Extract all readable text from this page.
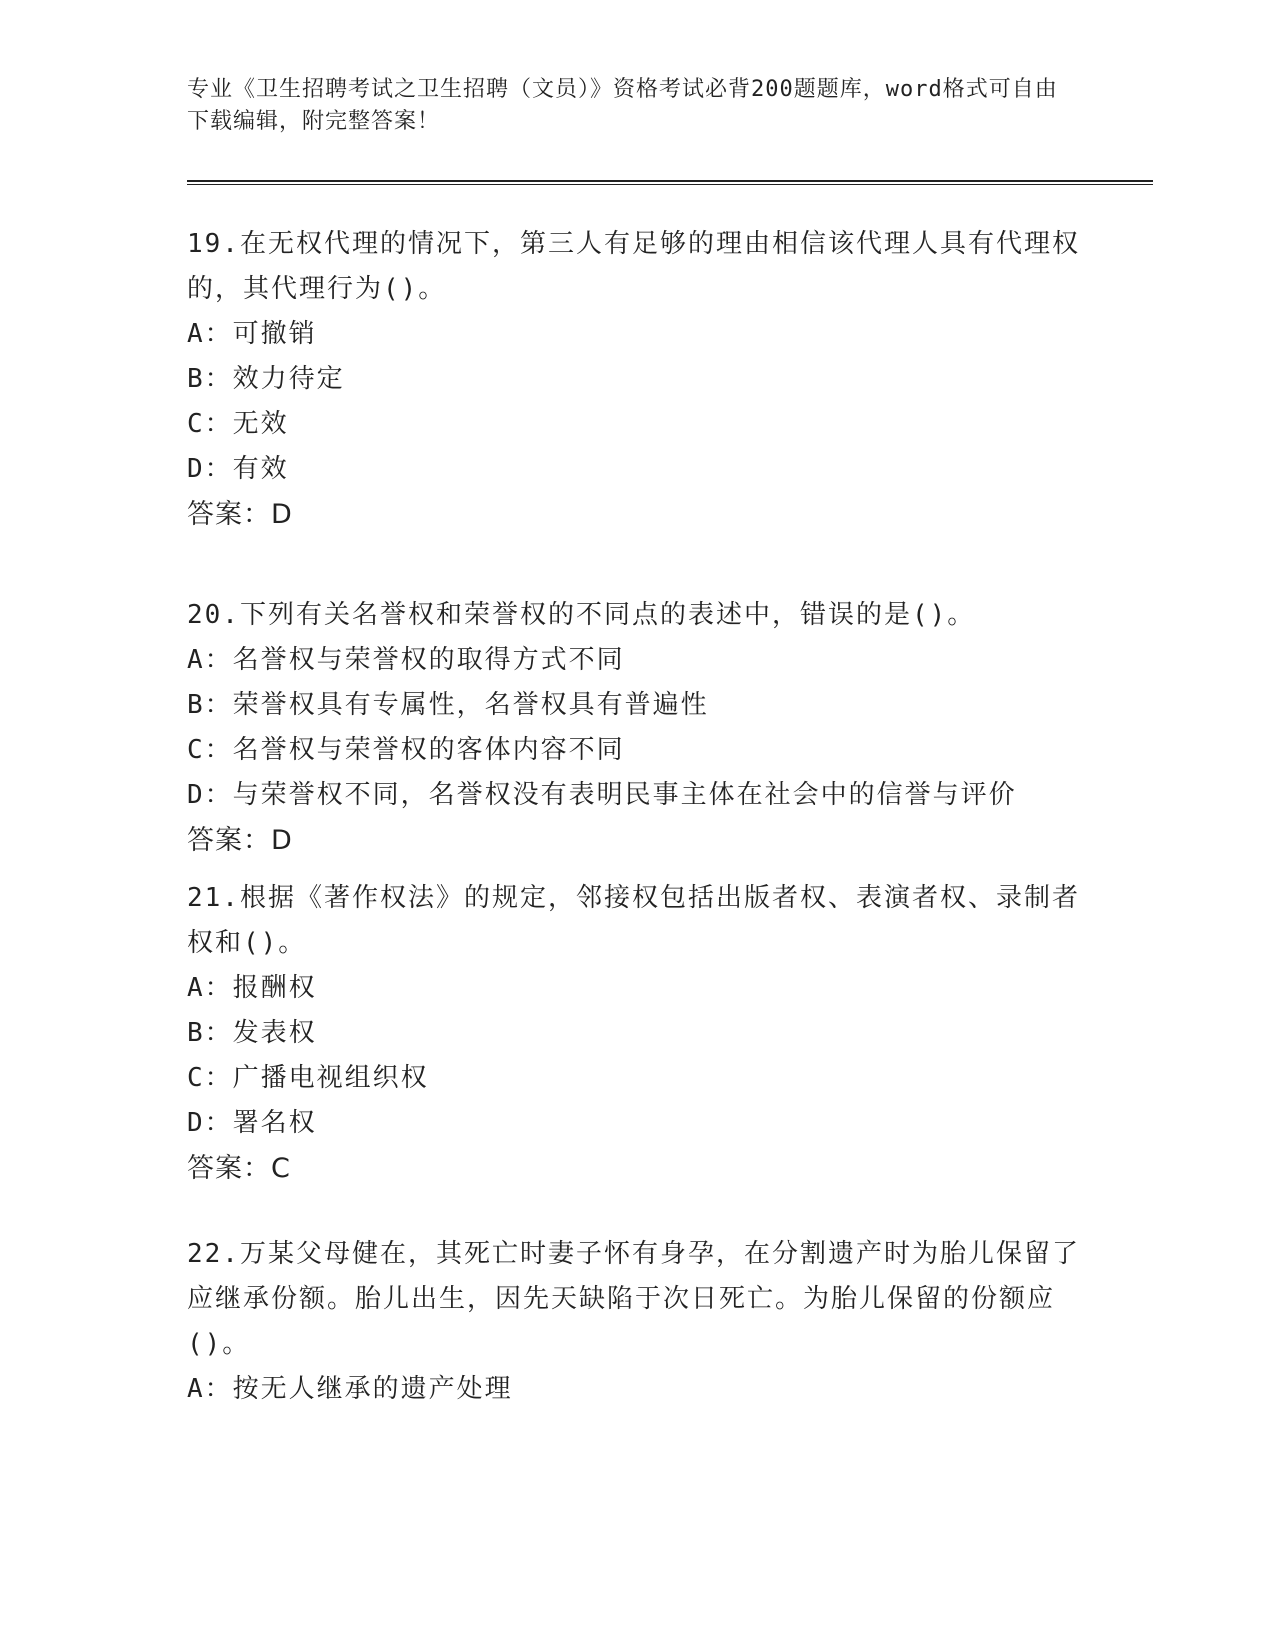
专业《卫生招聘考试之卫生招聘（文员）》资格考试必背200题题库，word格式可自由下载编辑，附完整答案！
19.在无权代理的情况下，第三人有足够的理由相信该代理人具有代理权的，其代理行为()。
A：可撤销
B：效力待定
C：无效
D：有效
答案：D
20.下列有关名誉权和荣誉权的不同点的表述中，错误的是()。
A：名誉权与荣誉权的取得方式不同
B：荣誉权具有专属性，名誉权具有普遍性
C：名誉权与荣誉权的客体内容不同
D：与荣誉权不同，名誉权没有表明民事主体在社会中的信誉与评价
答案：D
21.根据《著作权法》的规定，邻接权包括出版者权、表演者权、录制者权和()。
A：报酬权
B：发表权
C：广播电视组织权
D：署名权
答案：C
22.万某父母健在，其死亡时妻子怀有身孕，在分割遗产时为胎儿保留了应继承份额。胎儿出生，因先天缺陷于次日死亡。为胎儿保留的份额应()。
A：按无人继承的遗产处理
